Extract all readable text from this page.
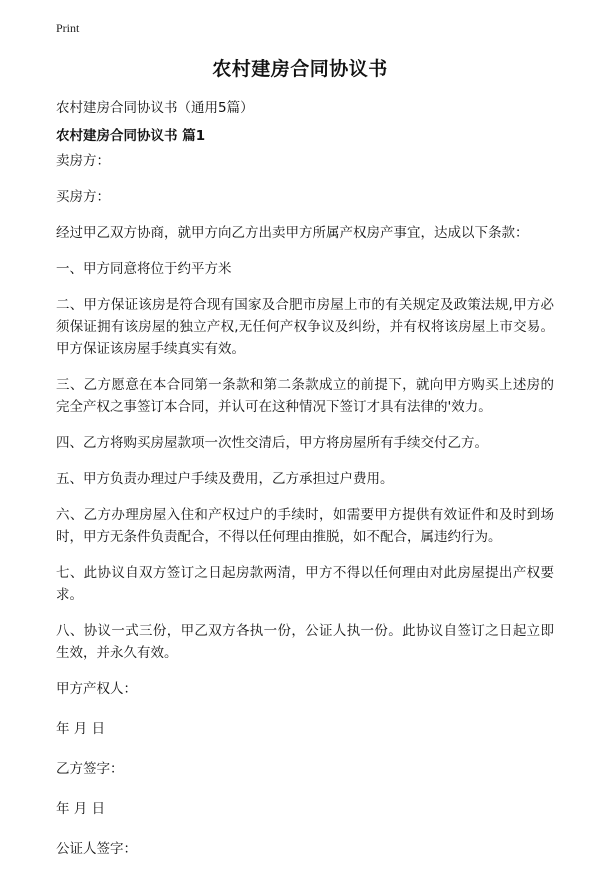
Print
农村建房合同协议书
农村建房合同协议书（通用5篇）
农村建房合同协议书 篇1

卖房方：

买房方：

经过甲乙双方协商，就甲方向乙方出卖甲方所属产权房产事宜，达成以下条款：

一、甲方同意将位于约平方米

二、甲方保证该房是符合现有国家及合肥市房屋上市的有关规定及政策法规,甲方必须保证拥有该房屋的独立产权,无任何产权争议及纠纷，并有权将该房屋上市交易。甲方保证该房屋手续真实有效。

三、乙方愿意在本合同第一条款和第二条款成立的前提下，就向甲方购买上述房的完全产权之事签订本合同，并认可在这种情况下签订才具有法律的'效力。

四、乙方将购买房屋款项一次性交清后，甲方将房屋所有手续交付乙方。

五、甲方负责办理过户手续及费用，乙方承担过户费用。

六、乙方办理房屋入住和产权过户的手续时，如需要甲方提供有效证件和及时到场时，甲方无条件负责配合，不得以任何理由推脱，如不配合，属违约行为。

七、此协议自双方签订之日起房款两清，甲方不得以任何理由对此房屋提出产权要求。

八、协议一式三份，甲乙双方各执一份，公证人执一份。此协议自签订之日起立即生效，并永久有效。

甲方产权人：

年 月 日

乙方签字：

年 月 日

公证人签字：
